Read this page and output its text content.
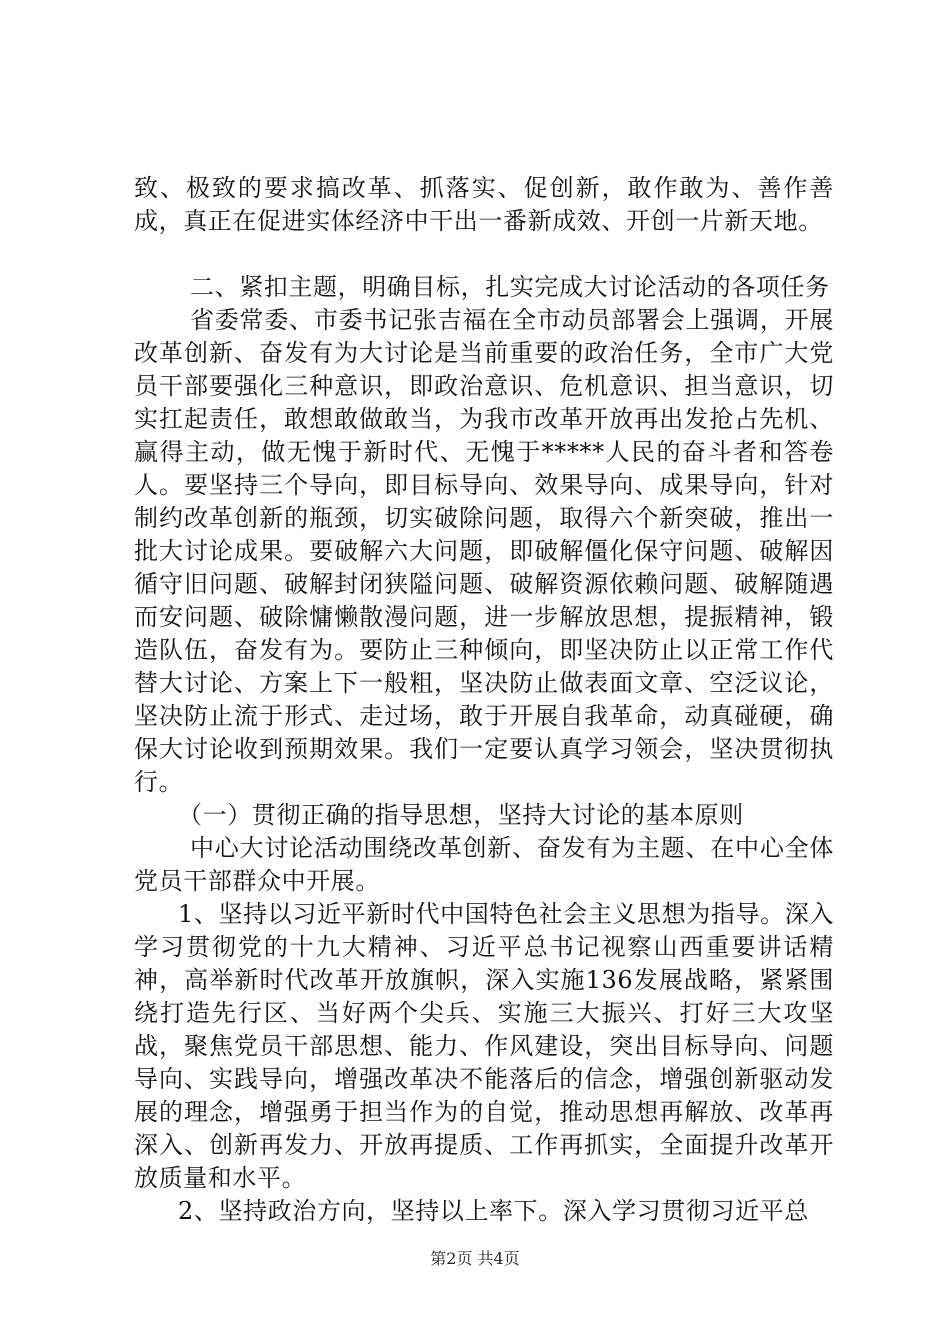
致、极致的要求搞改革、抓落实、促创新，敢作敢为、善作善成，真正在促进实体经济中干出一番新成效、开创一片新天地。

二、紧扣主题，明确目标，扎实完成大讨论活动的各项任务

省委常委、市委书记张吉福在全市动员部署会上强调，开展改革创新、奋发有为大讨论是当前重要的政治任务，全市广大党员干部要强化三种意识，即政治意识、危机意识、担当意识，切实扛起责任，敢想敢做敢当，为我市改革开放再出发抢占先机、赢得主动，做无愧于新时代、无愧于*****人民的奋斗者和答卷人。要坚持三个导向，即目标导向、效果导向、成果导向，针对制约改革创新的瓶颈，切实破除问题，取得六个新突破，推出一批大讨论成果。要破解六大问题，即破解僵化保守问题、破解因循守旧问题、破解封闭狭隘问题、破解资源依赖问题、破解随遇而安问题、破除慵懒散漫问题，进一步解放思想，提振精神，锻造队伍，奋发有为。要防止三种倾向，即坚决防止以正常工作代替大讨论、方案上下一般粗，坚决防止做表面文章、空泛议论，坚决防止流于形式、走过场，敢于开展自我革命，动真碰硬，确保大讨论收到预期效果。我们一定要认真学习领会，坚决贯彻执行。

（一）贯彻正确的指导思想，坚持大讨论的基本原则

中心大讨论活动围绕改革创新、奋发有为主题、在中心全体党员干部群众中开展。

1、坚持以习近平新时代中国特色社会主义思想为指导。深入学习贯彻党的十九大精神、习近平总书记视察山西重要讲话精神，高举新时代改革开放旗帜，深入实施136发展战略，紧紧围绕打造先行区、当好两个尖兵、实施三大振兴、打好三大攻坚战，聚焦党员干部思想、能力、作风建设，突出目标导向、问题导向、实践导向，增强改革决不能落后的信念，增强创新驱动发展的理念，增强勇于担当作为的自觉，推动思想再解放、改革再深入、创新再发力、开放再提质、工作再抓实，全面提升改革开放质量和水平。

2、坚持政治方向，坚持以上率下。深入学习贯彻习近平总

第2页 共4页
